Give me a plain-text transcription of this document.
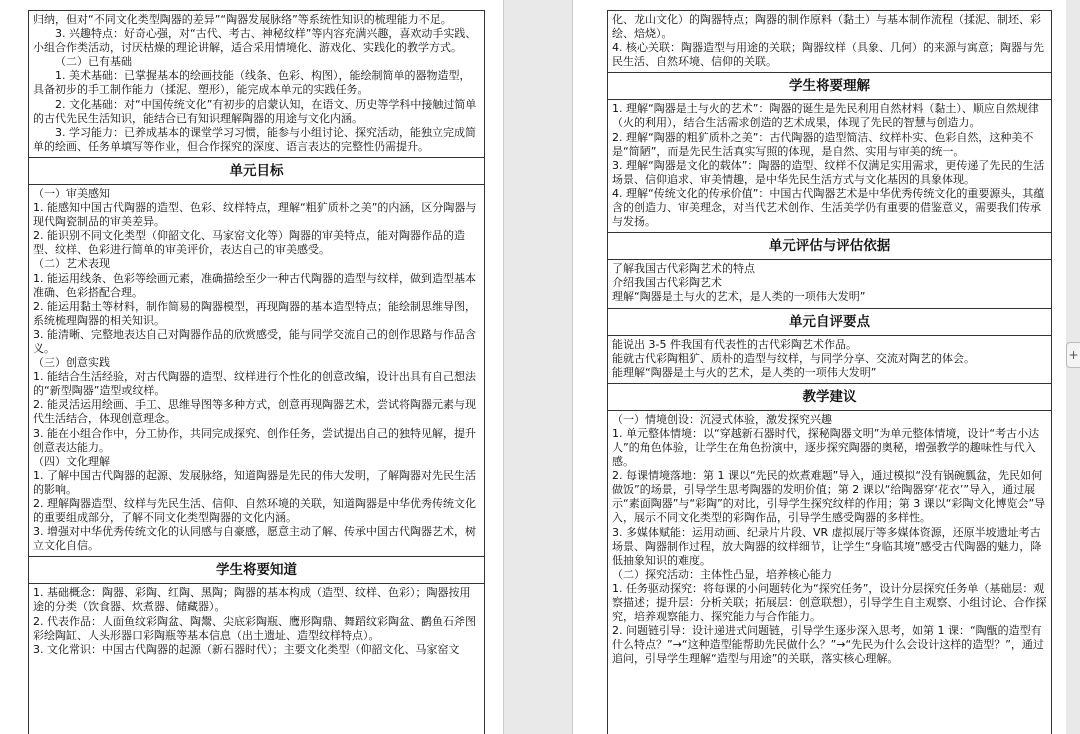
归纳，但对“不同文化类型陶器的差异”“陶器发展脉络”等系统性知识的梳理能力不足。

3. 兴趣特点：好奇心强，对“古代、考古、神秘纹样”等内容充满兴趣，喜欢动手实践、小组合作类活动，讨厌枯燥的理论讲解，适合采用情境化、游戏化、实践化的教学方式。

（二）已有基础

1. 美术基础：已掌握基本的绘画技能（线条、色彩、构图），能绘制简单的器物造型，具备初步的手工制作能力（揉泥、塑形），能完成本单元的实践任务。

2. 文化基础：对“中国传统文化”有初步的启蒙认知，在语文、历史等学科中接触过简单的古代先民生活知识，能结合已有知识理解陶器的用途与文化内涵。

3. 学习能力：已养成基本的课堂学习习惯，能参与小组讨论、探究活动，能独立完成简单的绘画、任务单填写等作业，但合作探究的深度、语言表达的完整性仍需提升。

单元目标

（一）审美感知

1. 能感知中国古代陶器的造型、色彩、纹样特点，理解“粗犷质朴之美”的内涵，区分陶器与现代陶瓷制品的审美差异。

2. 能识别不同文化类型（仰韶文化、马家窑文化等）陶器的审美特点，能对陶器作品的造型、纹样、色彩进行简单的审美评价，表达自己的审美感受。

（二）艺术表现

1. 能运用线条、色彩等绘画元素，准确描绘至少一种古代陶器的造型与纹样，做到造型基本准确、色彩搭配合理。

2. 能运用黏土等材料，制作简易的陶器模型，再现陶器的基本造型特点；能绘制思维导图，系统梳理陶器的相关知识。

3. 能清晰、完整地表达自己对陶器作品的欣赏感受，能与同学交流自己的创作思路与作品含义。

（三）创意实践

1. 能结合生活经验，对古代陶器的造型、纹样进行个性化的创意改编，设计出具有自己想法的“新型陶器”造型或纹样。

2. 能灵活运用绘画、手工、思维导图等多种方式，创意再现陶器艺术，尝试将陶器元素与现代生活结合，体现创意理念。

3. 能在小组合作中，分工协作，共同完成探究、创作任务，尝试提出自己的独特见解，提升创意表达能力。

（四）文化理解

1. 了解中国古代陶器的起源、发展脉络，知道陶器是先民的伟大发明，了解陶器对先民生活的影响。

2. 理解陶器造型、纹样与先民生活、信仰、自然环境的关联，知道陶器是中华优秀传统文化的重要组成部分，了解不同文化类型陶器的文化内涵。

3. 增强对中华优秀传统文化的认同感与自豪感，愿意主动了解、传承中国古代陶器艺术，树立文化自信。

学生将要知道

1. 基础概念：陶器、彩陶、红陶、黑陶；陶器的基本构成（造型、纹样、色彩）；陶器按用途的分类（饮食器、炊煮器、储藏器）。

2. 代表作品：人面鱼纹彩陶盆、陶鬶、尖底彩陶瓶、鹰形陶鼎、舞蹈纹彩陶盆、鹳鱼石斧图彩绘陶缸、人头形器口彩陶瓶等基本信息（出土遗址、造型纹样特点）。

3. 文化常识：中国古代陶器的起源（新石器时代）；主要文化类型（仰韶文化、马家窑文

化、龙山文化）的陶器特点；陶器的制作原料（黏土）与基本制作流程（揉泥、制坯、彩绘、焙烧）。

4. 核心关联：陶器造型与用途的关联；陶器纹样（具象、几何）的来源与寓意；陶器与先民生活、自然环境、信仰的关联。

学生将要理解

1. 理解“陶器是土与火的艺术”：陶器的诞生是先民利用自然材料（黏土）、顺应自然规律（火的利用），结合生活需求创造的艺术成果，体现了先民的智慧与创造力。

2. 理解“陶器的粗犷质朴之美”：古代陶器的造型简洁、纹样朴实、色彩自然，这种美不是“简陋”，而是先民生活真实写照的体现，是自然、实用与审美的统一。

3. 理解“陶器是文化的载体”：陶器的造型、纹样不仅满足实用需求，更传递了先民的生活场景、信仰追求、审美情趣，是中华先民生活方式与文化基因的具象体现。

4. 理解“传统文化的传承价值”：中国古代陶器艺术是中华优秀传统文化的重要源头，其蕴含的创造力、审美理念，对当代艺术创作、生活美学仍有重要的借鉴意义，需要我们传承与发扬。

单元评估与评估依据

了解我国古代彩陶艺术的特点

介绍我国古代彩陶艺术

理解“陶器是土与火的艺术，是人类的一项伟大发明”

单元自评要点

能说出 3-5 件我国有代表性的古代彩陶艺术作品。

能就古代彩陶粗犷、质朴的造型与纹样，与同学分享、交流对陶艺的体会。

能理解“陶器是土与火的艺术，是人类的一项伟大发明”

教学建议

（一）情境创设：沉浸式体验，激发探究兴趣

1. 单元整体情境：以“穿越新石器时代，探秘陶器文明”为单元整体情境，设计“考古小达人”的角色体验，让学生在角色扮演中，逐步探究陶器的奥秘，增强教学的趣味性与代入感。

2. 每课情境落地：第 1 课以“先民的炊煮难题”导入，通过模拟“没有锅碗瓢盆，先民如何做饭”的场景，引导学生思考陶器的发明价值；第 2 课以“给陶器穿‘花衣’”导入，通过展示“素面陶器”与“彩陶”的对比，引导学生探究纹样的作用；第 3 课以“彩陶文化博览会”导入，展示不同文化类型的彩陶作品，引导学生感受陶器的多样性。

3. 多媒体赋能：运用动画、纪录片片段、VR 虚拟展厅等多媒体资源，还原半坡遗址考古场景、陶器制作过程，放大陶器的纹样细节，让学生“身临其境”感受古代陶器的魅力，降低抽象知识的难度。

（二）探究活动：主体性凸显，培养核心能力

1. 任务驱动探究：将每课的小问题转化为“探究任务”，设计分层探究任务单（基础层：观察描述；提升层：分析关联；拓展层：创意联想），引导学生自主观察、小组讨论、合作探究，培养观察能力、探究能力与合作能力。

2. 问题链引导：设计递进式问题链，引导学生逐步深入思考，如第 1 课：“陶甑的造型有什么特点？”→“这种造型能帮助先民做什么？”→“先民为什么会设计这样的造型？”，通过追问，引导学生理解“造型与用途”的关联，落实核心理解。

+
